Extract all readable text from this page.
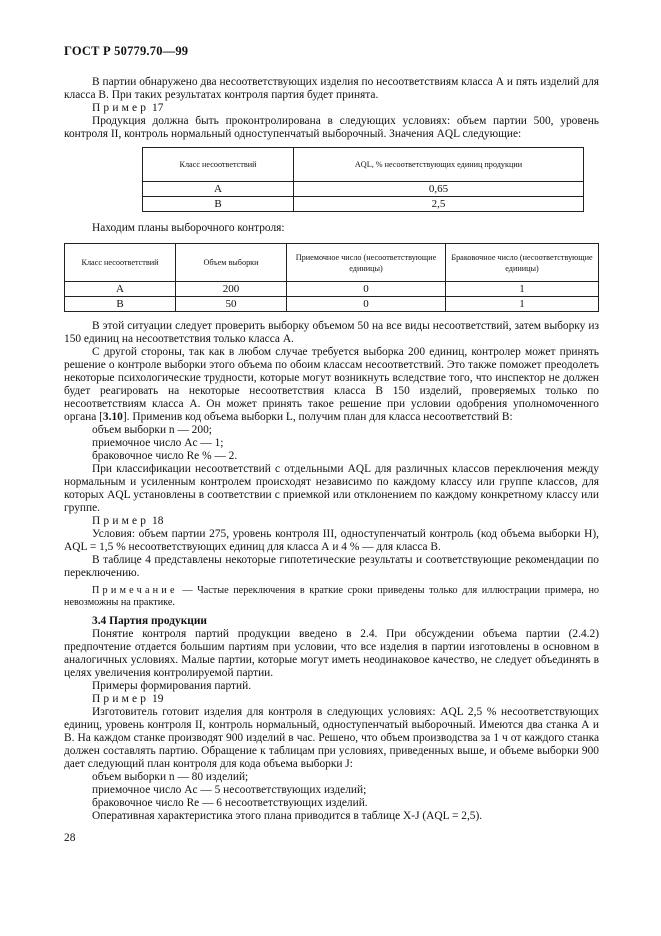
ГОСТ Р 50779.70—99

В партии обнаружено два несоответствующих изделия по несоответствиям класса А и пять изделий для класса В. При таких результатах контроля партия будет принята.

Пример 17

Продукция должна быть проконтролирована в следующих условиях: объем партии 500, уровень контроля II, контроль нормальный одноступенчатый выборочный. Значения AQL следующие:

Класс несоответствий	AQL, % несоответствующих единиц продукции
A	0,65
B	2,5

Находим планы выборочного контроля:

Класс несоответствий	Объем выборки	Приемочное число (несоответствующие единицы)	Браковочное число (несоответствующие единицы)
A	200	0	1
B	50	0	1

В этой ситуации следует проверить выборку объемом 50 на все виды несоответствий, затем выборку из 150 единиц на несоответствия только класса А.

С другой стороны, так как в любом случае требуется выборка 200 единиц, контролер может принять решение о контроле выборки этого объема по обоим классам несоответствий. Это также поможет преодолеть некоторые психологические трудности, которые могут возникнуть вследствие того, что инспектор не должен будет реагировать на некоторые несоответствия класса В 150 изделий, проверяемых только по несоответствиям класса А. Он может принять такое решение при условии одобрения уполномоченного органа [3.10]. Применив код объема выборки L, получим план для класса несоответствий В:

объем выборки n — 200;

приемочное число Ac — 1;

браковочное число Re % — 2.

При классификации несоответствий с отдельными AQL для различных классов переключения между нормальным и усиленным контролем происходят независимо по каждому классу или группе классов, для которых AQL установлены в соответствии с приемкой или отклонением по каждому конкретному классу или группе.

Пример 18

Условия: объем партии 275, уровень контроля III, одноступенчатый контроль (код объема выборки Н), AQL = 1,5 % несоответствующих единиц для класса А и 4 % — для класса В.

В таблице 4 представлены некоторые гипотетические результаты и соответствующие рекомендации по переключению.

Примечание — Частые переключения в краткие сроки приведены только для иллюстрации примера, но невозможны на практике.

3.4 Партия продукции

Понятие контроля партий продукции введено в 2.4. При обсуждении объема партии (2.4.2) предпочтение отдается большим партиям при условии, что все изделия в партии изготовлены в основном в аналогичных условиях. Малые партии, которые могут иметь неодинаковое качество, не следует объединять в целях увеличения контролируемой партии.

Примеры формирования партий.

Пример 19

Изготовитель готовит изделия для контроля в следующих условиях: AQL 2,5 % несоответствующих единиц, уровень контроля II, контроль нормальный, одноступенчатый выборочный. Имеются два станка А и В. На каждом станке производят 900 изделий в час. Решено, что объем производства за 1 ч от каждого станка должен составлять партию. Обращение к таблицам при условиях, приведенных выше, и объеме выборки 900 дает следующий план контроля для кода объема выборки J:

объем выборки n — 80 изделий;

приемочное число Ac — 5 несоответствующих изделий;

браковочное число Re — 6 несоответствующих изделий.

Оперативная характеристика этого плана приводится в таблице X-J (AQL = 2,5).

28
